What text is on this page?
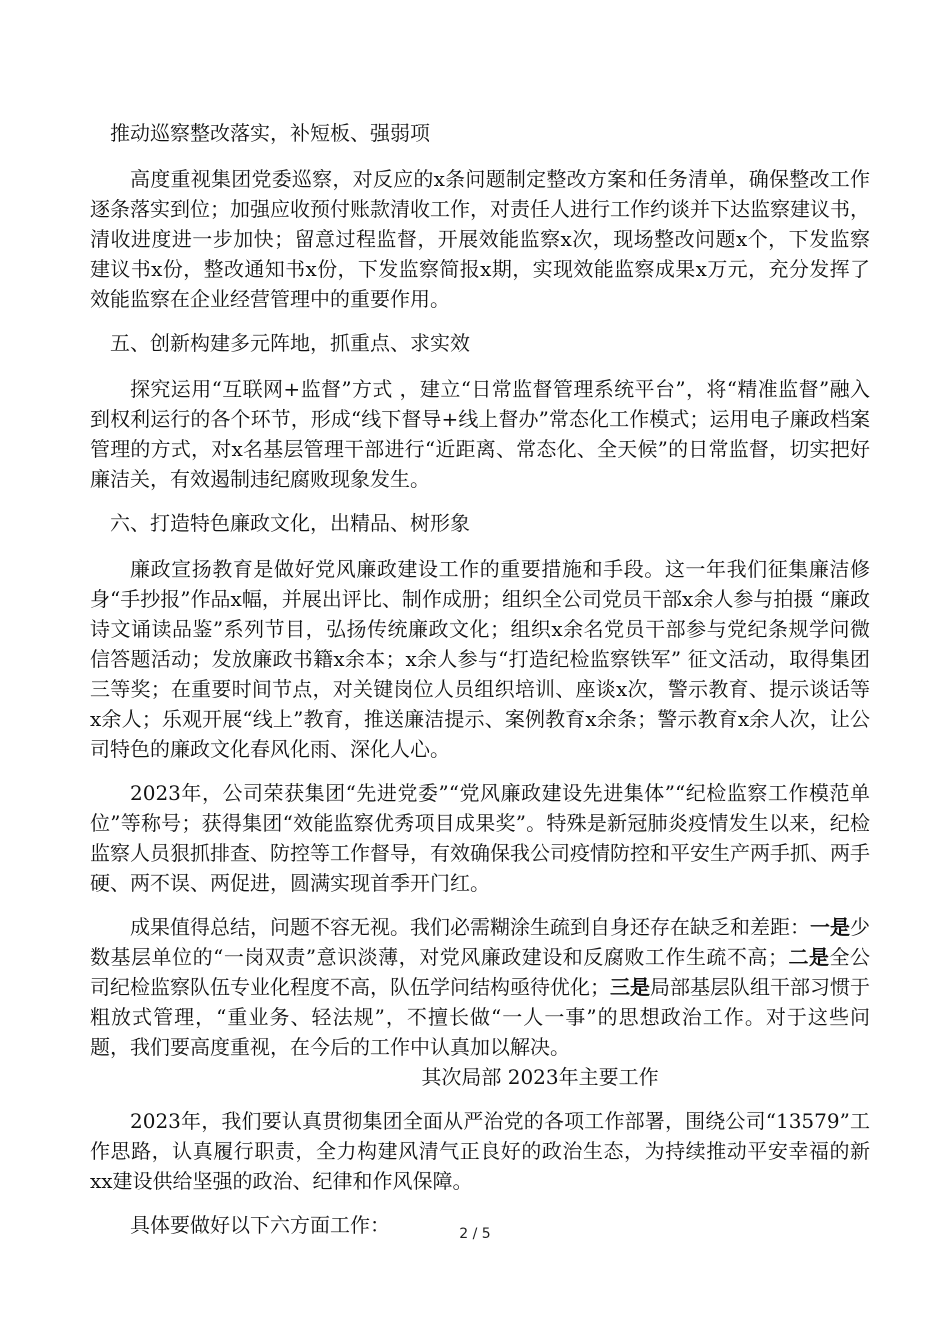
推动巡察整改落实，补短板、强弱项

高度重视集团党委巡察，对反应的x条问题制定整改方案和任务清单，确保整改工作逐条落实到位；加强应收预付账款清收工作，对责任人进行工作约谈并下达监察建议书，清收进度进一步加快；留意过程监督，开展效能监察x次，现场整改问题x个，下发监察建议书x份，整改通知书x份，下发监察简报x期，实现效能监察成果x万元，充分发挥了效能监察在企业经营管理中的重要作用。

五、创新构建多元阵地，抓重点、求实效

探究运用“互联网+监督”方式 ，建立“日常监督管理系统平台”，将“精准监督”融入到权利运行的各个环节，形成“线下督导+线上督办”常态化工作模式；运用电子廉政档案管理的方式，对x名基层管理干部进行“近距离、常态化、全天候”的日常监督，切实把好廉洁关，有效遏制违纪腐败现象发生。

六、打造特色廉政文化，出精品、树形象

廉政宣扬教育是做好党风廉政建设工作的重要措施和手段。这一年我们征集廉洁修身“手抄报”作品x幅，并展出评比、制作成册；组织全公司党员干部x余人参与拍摄 “廉政诗文诵读品鉴”系列节目，弘扬传统廉政文化；组织x余名党员干部参与党纪条规学问微信答题活动；发放廉政书籍x余本；x余人参与“打造纪检监察铁军” 征文活动，取得集团三等奖；在重要时间节点，对关键岗位人员组织培训、座谈x次，警示教育、提示谈话等x余人；乐观开展“线上”教育，推送廉洁提示、案例教育x余条；警示教育x余人次，让公司特色的廉政文化春风化雨、深化人心。

2023年，公司荣获集团“先进党委”“党风廉政建设先进集体”“纪检监察工作模范单位”等称号；获得集团“效能监察优秀项目成果奖”。特殊是新冠肺炎疫情发生以来，纪检监察人员狠抓排查、防控等工作督导，有效确保我公司疫情防控和平安生产两手抓、两手硬、两不误、两促进，圆满实现首季开门红。

成果值得总结，问题不容无视。我们必需糊涂生疏到自身还存在缺乏和差距：一是少数基层单位的“一岗双责”意识淡薄，对党风廉政建设和反腐败工作生疏不高；二是全公司纪检监察队伍专业化程度不高，队伍学问结构亟待优化；三是局部基层队组干部习惯于粗放式管理，“重业务、轻法规”，不擅长做“一人一事”的思想政治工作。对于这些问题，我们要高度重视，在今后的工作中认真加以解决。

其次局部 2023年主要工作

2023年，我们要认真贯彻集团全面从严治党的各项工作部署，围绕公司“13579”工作思路，认真履行职责，全力构建风清气正良好的政治生态，为持续推动平安幸福的新xx建设供给坚强的政治、纪律和作风保障。

具体要做好以下六方面工作：	2 / 5
